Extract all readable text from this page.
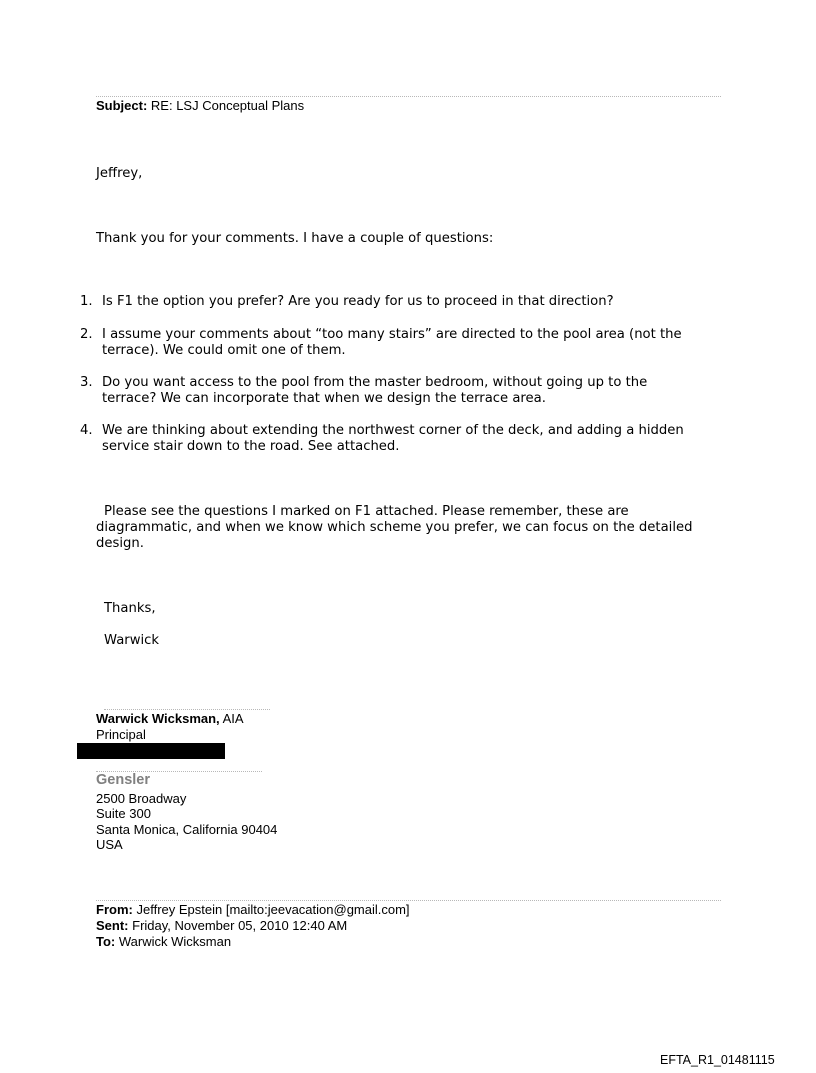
Subject: RE: LSJ Conceptual Plans
Jeffrey,
Thank you for your comments. I have a couple of questions:
1. Is F1 the option you prefer? Are you ready for us to proceed in that direction?
2. I assume your comments about “too many stairs” are directed to the pool area (not the terrace). We could omit one of them.
3. Do you want access to the pool from the master bedroom, without going up to the terrace? We can incorporate that when we design the terrace area.
4. We are thinking about extending the northwest corner of the deck, and adding a hidden service stair down to the road. See attached.
Please see the questions I marked on F1 attached. Please remember, these are diagrammatic, and when we know which scheme you prefer, we can focus on the detailed design.
Thanks,
Warwick
Warwick Wicksman, AIA
Principal
Gensler
2500 Broadway
Suite 300
Santa Monica, California 90404
USA
From: Jeffrey Epstein [mailto:jeevacation@gmail.com]
Sent: Friday, November 05, 2010 12:40 AM
To: Warwick Wicksman
EFTA_R1_01481115
